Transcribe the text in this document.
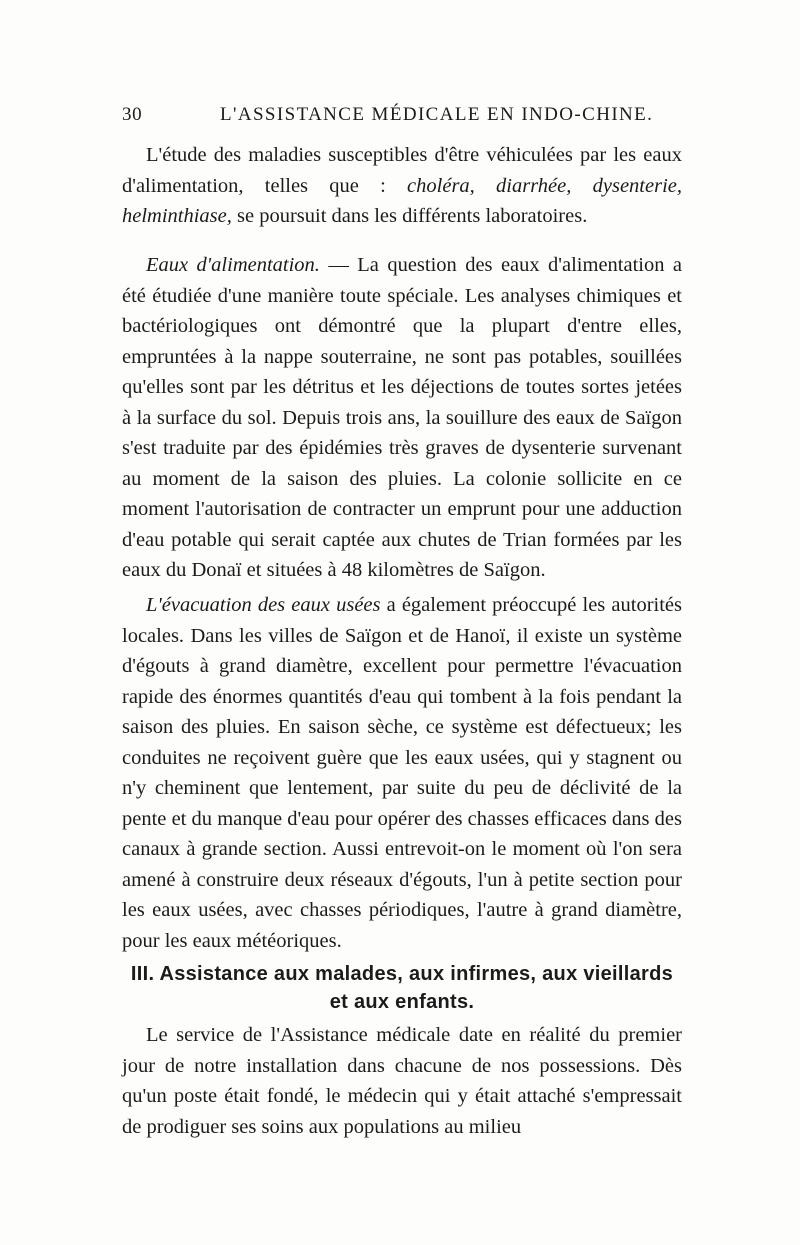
30	L'ASSISTANCE MÉDICALE EN INDO-CHINE.

L'étude des maladies susceptibles d'être véhiculées par les eaux d'alimentation, telles que : choléra, diarrhée, dysenterie, helminthiase, se poursuit dans les différents laboratoires.

Eaux d'alimentation. — La question des eaux d'alimentation a été étudiée d'une manière toute spéciale. Les analyses chimiques et bactériologiques ont démontré que la plupart d'entre elles, empruntées à la nappe souterraine, ne sont pas potables, souillées qu'elles sont par les détritus et les déjections de toutes sortes jetées à la surface du sol. Depuis trois ans, la souillure des eaux de Saïgon s'est traduite par des épidémies très graves de dysenterie survenant au moment de la saison des pluies. La colonie sollicite en ce moment l'autorisation de contracter un emprunt pour une adduction d'eau potable qui serait captée aux chutes de Trian formées par les eaux du Donaï et situées à 48 kilomètres de Saïgon.

L'évacuation des eaux usées a également préoccupé les autorités locales. Dans les villes de Saïgon et de Hanoï, il existe un système d'égouts à grand diamètre, excellent pour permettre l'évacuation rapide des énormes quantités d'eau qui tombent à la fois pendant la saison des pluies. En saison sèche, ce système est défectueux; les conduites ne reçoivent guère que les eaux usées, qui y stagnent ou n'y cheminent que lentement, par suite du peu de déclivité de la pente et du manque d'eau pour opérer des chasses efficaces dans des canaux à grande section. Aussi entrevoit-on le moment où l'on sera amené à construire deux réseaux d'égouts, l'un à petite section pour les eaux usées, avec chasses périodiques, l'autre à grand diamètre, pour les eaux météoriques.

III. Assistance aux malades, aux infirmes, aux vieillards et aux enfants.

Le service de l'Assistance médicale date en réalité du premier jour de notre installation dans chacune de nos possessions. Dès qu'un poste était fondé, le médecin qui y était attaché s'empressait de prodiguer ses soins aux populations au milieu
